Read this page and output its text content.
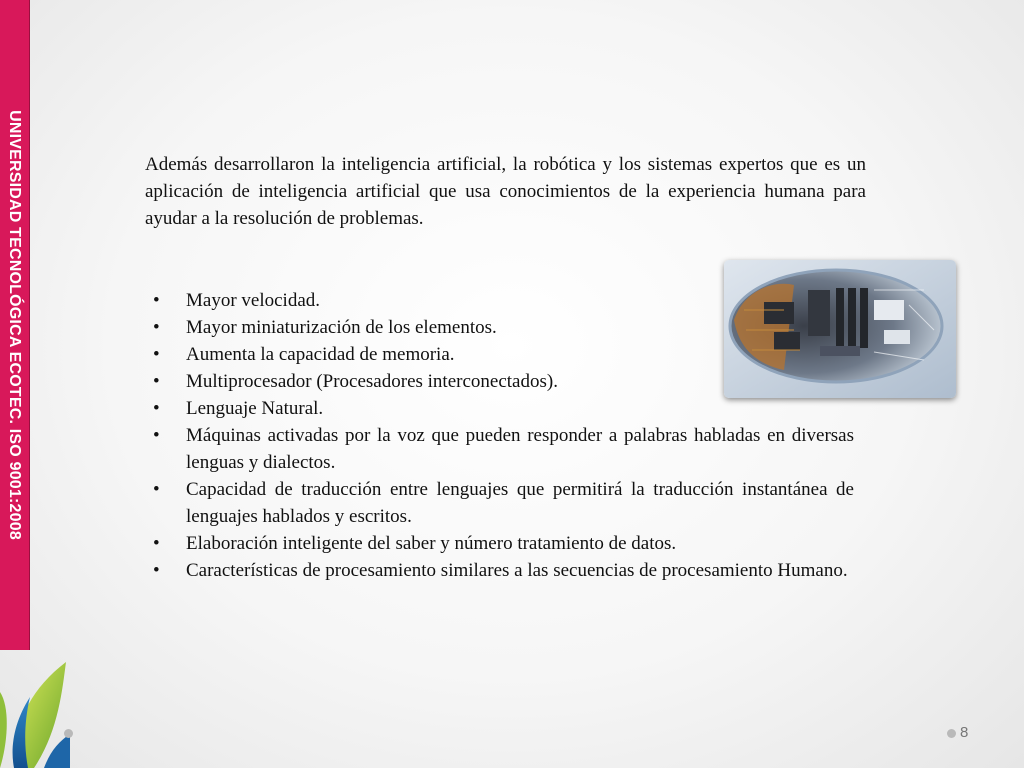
UNIVERSIDAD TECNOLÓGICA ECOTEC. ISO 9001:2008	Además desarrollaron la inteligencia artificial, la robótica y los sistemas expertos que es un aplicación de inteligencia artificial que usa conocimientos de la experiencia humana para ayudar a la resolución de problemas.

•	Mayor velocidad.
•	Mayor miniaturización de los elementos.
•	Aumenta la capacidad de memoria.
•	Multiprocesador (Procesadores interconectados).
•	Lenguaje Natural.
•	Máquinas activadas por la voz que pueden responder a palabras habladas en diversas lenguas y dialectos.
•	Capacidad de traducción entre lenguajes que permitirá la traducción instantánea de lenguajes hablados y escritos.
•	Elaboración inteligente del saber y número tratamiento de datos.
•	Características de procesamiento similares a las secuencias de procesamiento Humano.
8
